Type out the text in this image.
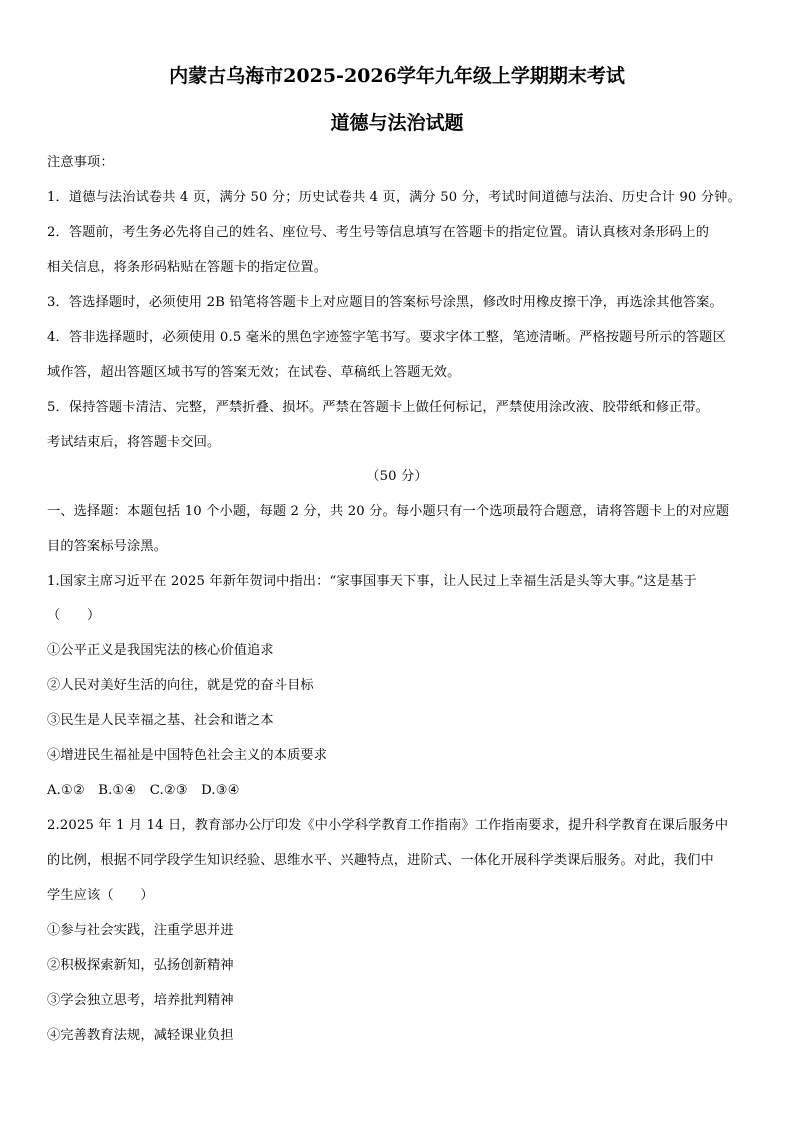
内蒙古乌海市2025-2026学年九年级上学期期末考试
道德与法治试题
注意事项：
1．道德与法治试卷共 4 页，满分 50 分；历史试卷共 4 页，满分 50 分，考试时间道德与法治、历史合计 90 分钟。
2．答题前，考生务必先将自己的姓名、座位号、考生号等信息填写在答题卡的指定位置。请认真核对条形码上的
相关信息，将条形码粘贴在答题卡的指定位置。
3．答选择题时，必须使用 2B 铅笔将答题卡上对应题目的答案标号涂黑，修改时用橡皮擦干净，再选涂其他答案。
4．答非选择题时，必须使用 0.5 毫米的黑色字迹签字笔书写。要求字体工整，笔迹清晰。严格按题号所示的答题区
域作答，超出答题区域书写的答案无效；在试卷、草稿纸上答题无效。
5．保持答题卡清洁、完整，严禁折叠、损坏。严禁在答题卡上做任何标记，严禁使用涂改液、胶带纸和修正带。
考试结束后，将答题卡交回。
（50 分）
一、选择题：本题包括 10 个小题，每题 2 分，共 20 分。每小题只有一个选项最符合题意，请将答题卡上的对应题
目的答案标号涂黑。
1.国家主席习近平在 2025 年新年贺词中指出：“家事国事天下事，让人民过上幸福生活是头等大事。”这是基于
（　　）
①公平正义是我国宪法的核心价值追求
②人民对美好生活的向往，就是党的奋斗目标
③民生是人民幸福之基、社会和谐之本
④增进民生福祉是中国特色社会主义的本质要求
A.①②　B.①④　C.②③　D.③④
2.2025 年 1 月 14 日，教育部办公厅印发《中小学科学教育工作指南》工作指南要求，提升科学教育在课后服务中
的比例，根据不同学段学生知识经验、思维水平、兴趣特点，进阶式、一体化开展科学类课后服务。对此，我们中
学生应该（　　）
①参与社会实践，注重学思并进
②积极探索新知，弘扬创新精神
③学会独立思考，培养批判精神
④完善教育法规，减轻课业负担
